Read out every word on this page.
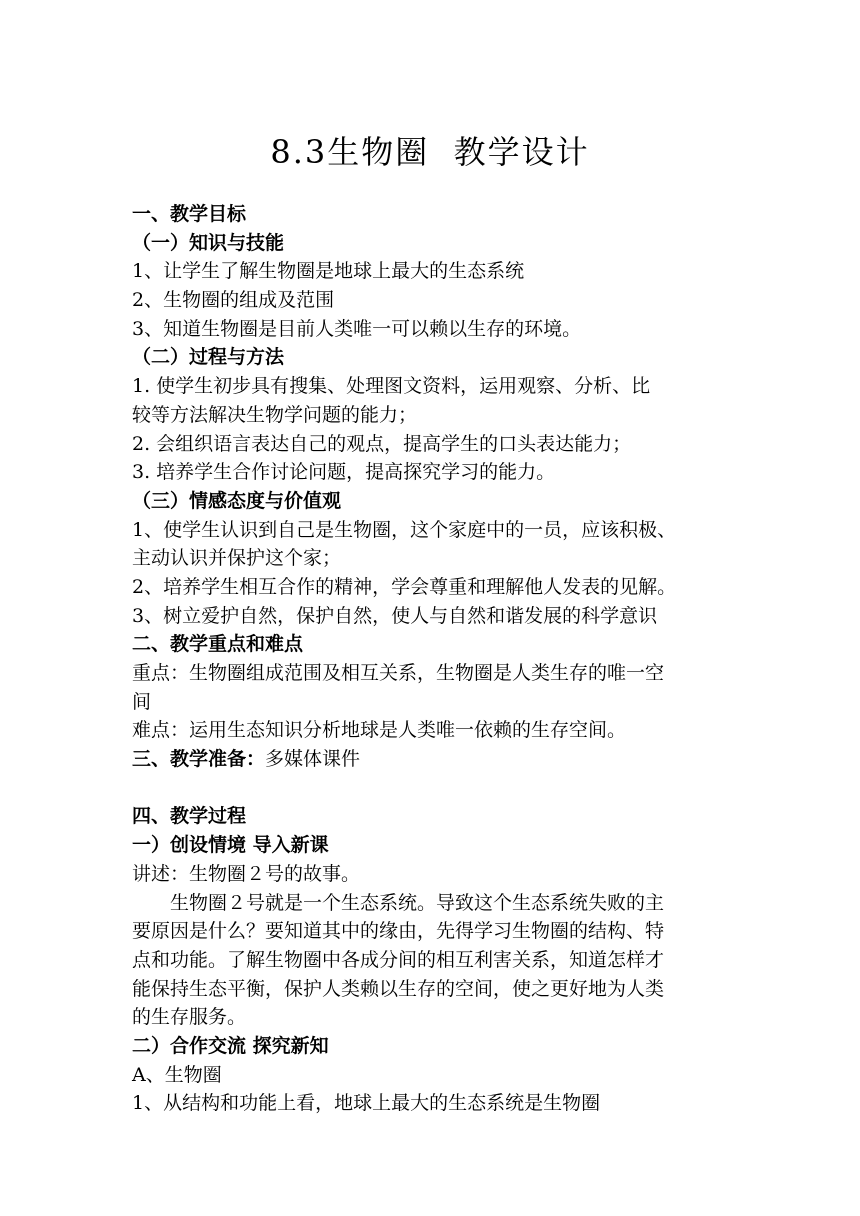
8.3生物圈  教学设计
一、教学目标
（一）知识与技能
1、让学生了解生物圈是地球上最大的生态系统
2、生物圈的组成及范围
3、知道生物圈是目前人类唯一可以赖以生存的环境。
（二）过程与方法
1. 使学生初步具有搜集、处理图文资料，运用观察、分析、比
较等方法解决生物学问题的能力；
2. 会组织语言表达自己的观点，提高学生的口头表达能力；
3. 培养学生合作讨论问题，提高探究学习的能力。
（三）情感态度与价值观
1、使学生认识到自己是生物圈，这个家庭中的一员，应该积极、
主动认识并保护这个家；
2、培养学生相互合作的精神，学会尊重和理解他人发表的见解。
3、树立爱护自然，保护自然，使人与自然和谐发展的科学意识
二、教学重点和难点
重点：生物圈组成范围及相互关系，生物圈是人类生存的唯一空
间
难点：运用生态知识分析地球是人类唯一依赖的生存空间。
三、教学准备：多媒体课件
四、教学过程
一）创设情境 导入新课
讲述：生物圈２号的故事。
生物圈２号就是一个生态系统。导致这个生态系统失败的主
要原因是什么？要知道其中的缘由，先得学习生物圈的结构、特
点和功能。了解生物圈中各成分间的相互利害关系，知道怎样才
能保持生态平衡，保护人类赖以生存的空间，使之更好地为人类
的生存服务。
二）合作交流 探究新知
A、生物圈
1、从结构和功能上看，地球上最大的生态系统是生物圈
